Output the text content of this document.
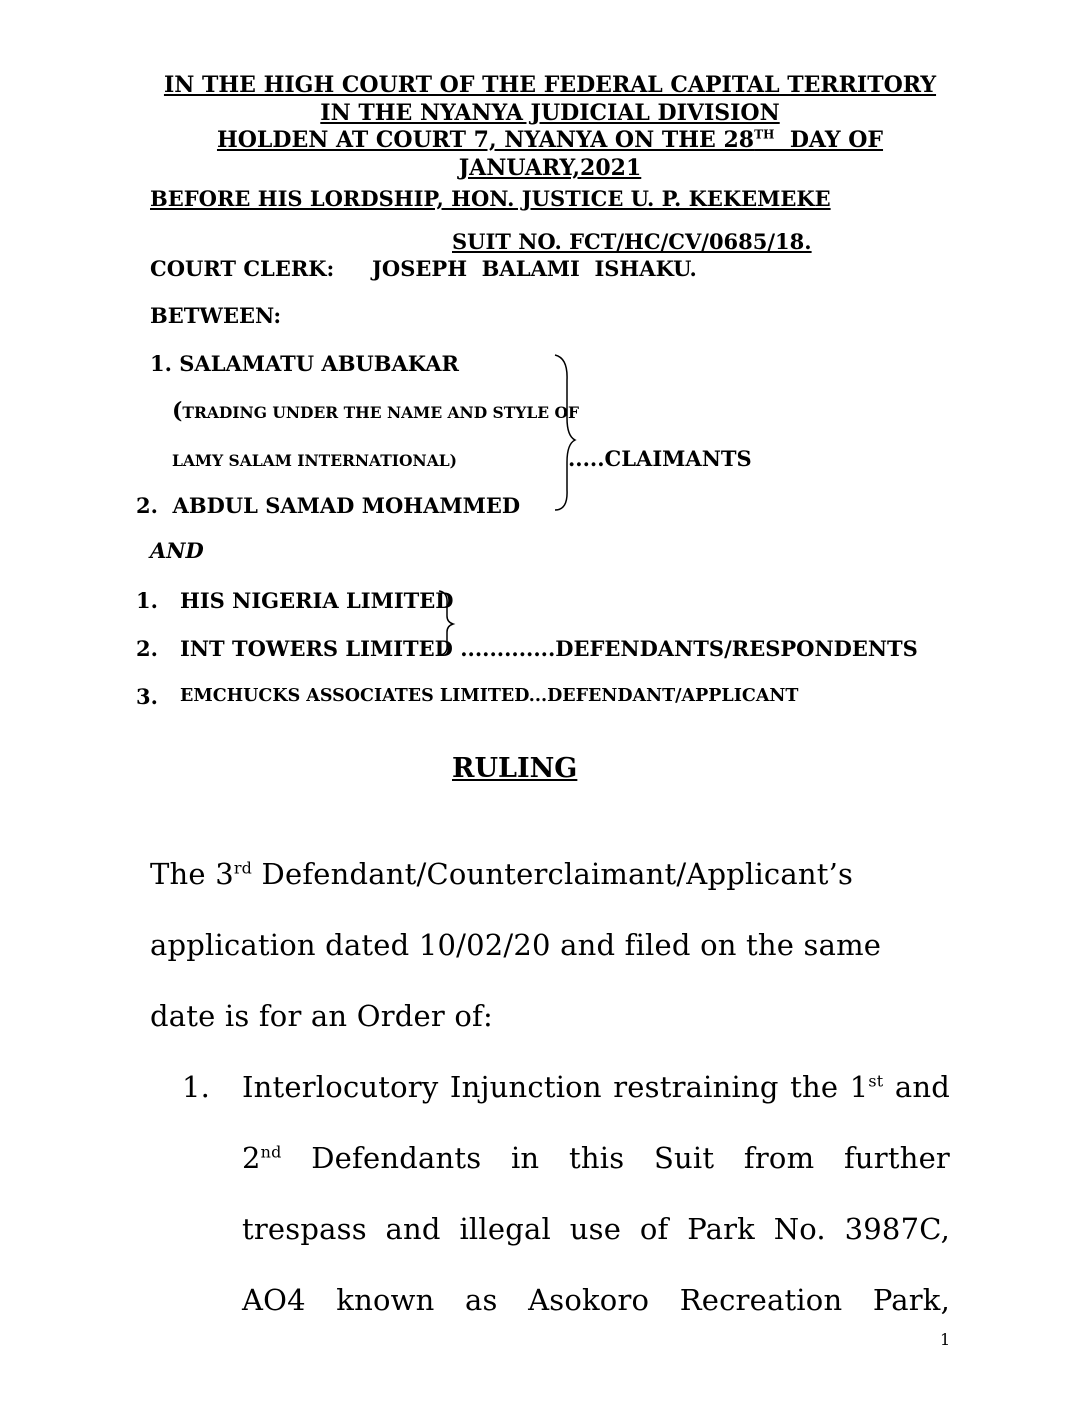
IN THE HIGH COURT OF THE FEDERAL CAPITAL TERRITORY
IN THE NYANYA JUDICIAL DIVISION
HOLDEN AT COURT 7, NYANYA ON THE 28TH  DAY OF
JANUARY,2021
BEFORE HIS LORDSHIP, HON. JUSTICE U. P. KEKEMEKE
SUIT NO. FCT/HC/CV/0685/18.
COURT CLERK: JOSEPH  BALAMI  ISHAKU.
BETWEEN:
1. SALAMATU ABUBAKAR
(TRADING UNDER THE NAME AND STYLE OF
LAMY SALAM INTERNATIONAL)
2.  ABDUL SAMAD MOHAMMED
.....CLAIMANTS
AND
1. HIS NIGERIA LIMITED
2. INT TOWERS LIMITED .............DEFENDANTS/RESPONDENTS
3. EMCHUCKS ASSOCIATES LIMITED...DEFENDANT/APPLICANT
RULING
The 3rd Defendant/Counterclaimant/Applicant’s
application dated 10/02/20 and filed on the same
date is for an Order of:
1. Interlocutory Injunction restraining the 1st and
2nd Defendants in this Suit from further
trespass and illegal use of Park No. 3987C,
AO4 known as Asokoro Recreation Park,
1
